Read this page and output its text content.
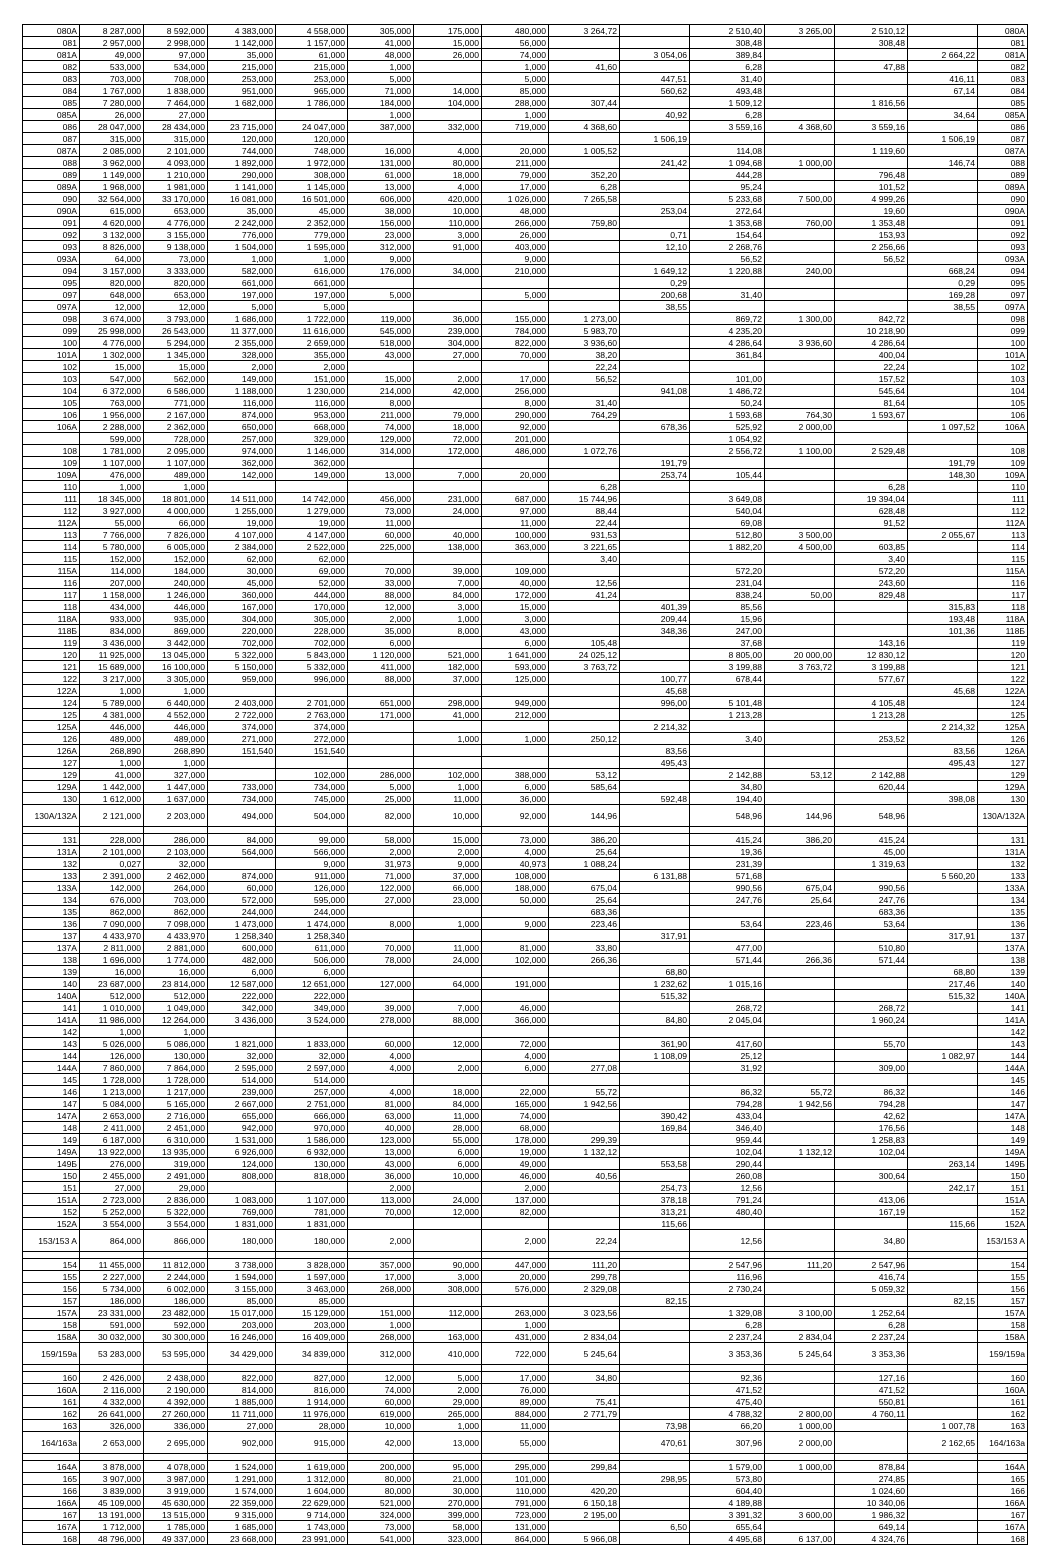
080A	8 287,000	8 592,000	4 383,000	4 558,000	305,000	175,000	480,000	3 264,72		2 510,40	3 265,00	2 510,12		080A
081	2 957,000	2 998,000	1 142,000	1 157,000	41,000	15,000	56,000			308,48		308,48		081
081A	49,000	97,000	35,000	61,000	48,000	26,000	74,000		3 054,06	389,84			2 664,22	081A
082	533,000	534,000	215,000	215,000	1,000		1,000	41,60		6,28		47,88		082
083	703,000	708,000	253,000	253,000	5,000		5,000		447,51	31,40			416,11	083
084	1 767,000	1 838,000	951,000	965,000	71,000	14,000	85,000		560,62	493,48			67,14	084
085	7 280,000	7 464,000	1 682,000	1 786,000	184,000	104,000	288,000	307,44		1 509,12		1 816,56		085
085A	26,000	27,000			1,000		1,000		40,92	6,28			34,64	085A
086	28 047,000	28 434,000	23 715,000	24 047,000	387,000	332,000	719,000	4 368,60		3 559,16	4 368,60	3 559,16		086
087	315,000	315,000	120,000	120,000					1 506,19				1 506,19	087
087A	2 085,000	2 101,000	744,000	748,000	16,000	4,000	20,000	1 005,52		114,08		1 119,60		087A
088	3 962,000	4 093,000	1 892,000	1 972,000	131,000	80,000	211,000		241,42	1 094,68	1 000,00		146,74	088
089	1 149,000	1 210,000	290,000	308,000	61,000	18,000	79,000	352,20		444,28		796,48		089
089A	1 968,000	1 981,000	1 141,000	1 145,000	13,000	4,000	17,000	6,28		95,24		101,52		089A
090	32 564,000	33 170,000	16 081,000	16 501,000	606,000	420,000	1 026,000	7 265,58		5 233,68	7 500,00	4 999,26		090
090A	615,000	653,000	35,000	45,000	38,000	10,000	48,000		253,04	272,64		19,60		090A
091	4 620,000	4 776,000	2 242,000	2 352,000	156,000	110,000	266,000	759,80		1 353,68	760,00	1 353,48		091
092	3 132,000	3 155,000	776,000	779,000	23,000	3,000	26,000		0,71	154,64		153,93		092
093	8 826,000	9 138,000	1 504,000	1 595,000	312,000	91,000	403,000		12,10	2 268,76		2 256,66		093
093A	64,000	73,000	1,000	1,000	9,000		9,000			56,52		56,52		093A
094	3 157,000	3 333,000	582,000	616,000	176,000	34,000	210,000		1 649,12	1 220,88	240,00		668,24	094
095	820,000	820,000	661,000	661,000					0,29				0,29	095
097	648,000	653,000	197,000	197,000	5,000		5,000		200,68	31,40			169,28	097
097A	12,000	12,000	5,000	5,000					38,55				38,55	097A
098	3 674,000	3 793,000	1 686,000	1 722,000	119,000	36,000	155,000	1 273,00		869,72	1 300,00	842,72		098
099	25 998,000	26 543,000	11 377,000	11 616,000	545,000	239,000	784,000	5 983,70		4 235,20		10 218,90		099
100	4 776,000	5 294,000	2 355,000	2 659,000	518,000	304,000	822,000	3 936,60		4 286,64	3 936,60	4 286,64		100
101A	1 302,000	1 345,000	328,000	355,000	43,000	27,000	70,000	38,20		361,84		400,04		101A
102	15,000	15,000	2,000	2,000				22,24				22,24		102
103	547,000	562,000	149,000	151,000	15,000	2,000	17,000	56,52		101,00		157,52		103
104	6 372,000	6 586,000	1 188,000	1 230,000	214,000	42,000	256,000		941,08	1 486,72		545,64		104
105	763,000	771,000	116,000	116,000	8,000		8,000	31,40		50,24		81,64		105
106	1 956,000	2 167,000	874,000	953,000	211,000	79,000	290,000	764,29		1 593,68	764,30	1 593,67		106
106A	2 288,000	2 362,000	650,000	668,000	74,000	18,000	92,000		678,36	525,92	2 000,00		1 097,52	106A
	599,000	728,000	257,000	329,000	129,000	72,000	201,000			1 054,92				
108	1 781,000	2 095,000	974,000	1 146,000	314,000	172,000	486,000	1 072,76		2 556,72	1 100,00	2 529,48		108
109	1 107,000	1 107,000	362,000	362,000					191,79				191,79	109
109A	476,000	489,000	142,000	149,000	13,000	7,000	20,000		253,74	105,44			148,30	109A
110	1,000	1,000						6,28				6,28		110
111	18 345,000	18 801,000	14 511,000	14 742,000	456,000	231,000	687,000	15 744,96		3 649,08		19 394,04		111
112	3 927,000	4 000,000	1 255,000	1 279,000	73,000	24,000	97,000	88,44		540,04		628,48		112
112A	55,000	66,000	19,000	19,000	11,000		11,000	22,44		69,08		91,52		112A
113	7 766,000	7 826,000	4 107,000	4 147,000	60,000	40,000	100,000	931,53		512,80	3 500,00		2 055,67	113
114	5 780,000	6 005,000	2 384,000	2 522,000	225,000	138,000	363,000	3 221,65		1 882,20	4 500,00	603,85		114
115	152,000	152,000	62,000	62,000				3,40				3,40		115
115A	114,000	184,000	30,000	69,000	70,000	39,000	109,000			572,20		572,20		115A
116	207,000	240,000	45,000	52,000	33,000	7,000	40,000	12,56		231,04		243,60		116
117	1 158,000	1 246,000	360,000	444,000	88,000	84,000	172,000	41,24		838,24	50,00	829,48		117
118	434,000	446,000	167,000	170,000	12,000	3,000	15,000		401,39	85,56			315,83	118
118A	933,000	935,000	304,000	305,000	2,000	1,000	3,000		209,44	15,96			193,48	118A
118Б	834,000	869,000	220,000	228,000	35,000	8,000	43,000		348,36	247,00			101,36	118Б
119	3 436,000	3 442,000	702,000	702,000	6,000		6,000	105,48		37,68		143,16		119
120	11 925,000	13 045,000	5 322,000	5 843,000	1 120,000	521,000	1 641,000	24 025,12		8 805,00	20 000,00	12 830,12		120
121	15 689,000	16 100,000	5 150,000	5 332,000	411,000	182,000	593,000	3 763,72		3 199,88	3 763,72	3 199,88		121
122	3 217,000	3 305,000	959,000	996,000	88,000	37,000	125,000		100,77	678,44		577,67		122
122A	1,000	1,000							45,68				45,68	122A
124	5 789,000	6 440,000	2 403,000	2 701,000	651,000	298,000	949,000		996,00	5 101,48		4 105,48		124
125	4 381,000	4 552,000	2 722,000	2 763,000	171,000	41,000	212,000			1 213,28		1 213,28		125
125A	446,000	446,000	374,000	374,000					2 214,32				2 214,32	125A
126	489,000	489,000	271,000	272,000		1,000	1,000	250,12		3,40		253,52		126
126A	268,890	268,890	151,540	151,540					83,56				83,56	126A
127	1,000	1,000							495,43				495,43	127
129	41,000	327,000		102,000	286,000	102,000	388,000	53,12		2 142,88	53,12	2 142,88		129
129A	1 442,000	1 447,000	733,000	734,000	5,000	1,000	6,000	585,64		34,80		620,44		129A
130	1 612,000	1 637,000	734,000	745,000	25,000	11,000	36,000		592,48	194,40			398,08	130
130A/132A	2 121,000	2 203,000	494,000	504,000	82,000	10,000	92,000	144,96		548,96	144,96	548,96		130A/132A

131	228,000	286,000	84,000	99,000	58,000	15,000	73,000	386,20		415,24	386,20	415,24		131
131A	2 101,000	2 103,000	564,000	566,000	2,000	2,000	4,000	25,64		19,36		45,00		131A
132	0,027	32,000		9,000	31,973	9,000	40,973	1 088,24		231,39		1 319,63		132
133	2 391,000	2 462,000	874,000	911,000	71,000	37,000	108,000		6 131,88	571,68			5 560,20	133
133A	142,000	264,000	60,000	126,000	122,000	66,000	188,000	675,04		990,56	675,04	990,56		133A
134	676,000	703,000	572,000	595,000	27,000	23,000	50,000	25,64		247,76	25,64	247,76		134
135	862,000	862,000	244,000	244,000				683,36				683,36		135
136	7 090,000	7 098,000	1 473,000	1 474,000	8,000	1,000	9,000	223,46		53,64	223,46	53,64		136
137	4 433,970	4 433,970	1 258,340	1 258,340					317,91				317,91	137
137A	2 811,000	2 881,000	600,000	611,000	70,000	11,000	81,000	33,80		477,00		510,80		137A
138	1 696,000	1 774,000	482,000	506,000	78,000	24,000	102,000	266,36		571,44	266,36	571,44		138
139	16,000	16,000	6,000	6,000					68,80				68,80	139
140	23 687,000	23 814,000	12 587,000	12 651,000	127,000	64,000	191,000		1 232,62	1 015,16			217,46	140
140A	512,000	512,000	222,000	222,000					515,32				515,32	140A
141	1 010,000	1 049,000	342,000	349,000	39,000	7,000	46,000			268,72		268,72		141
141A	11 986,000	12 264,000	3 436,000	3 524,000	278,000	88,000	366,000		84,80	2 045,04		1 960,24		141A
142	1,000	1,000												142
143	5 026,000	5 086,000	1 821,000	1 833,000	60,000	12,000	72,000		361,90	417,60		55,70		143
144	126,000	130,000	32,000	32,000	4,000		4,000		1 108,09	25,12			1 082,97	144
144A	7 860,000	7 864,000	2 595,000	2 597,000	4,000	2,000	6,000	277,08		31,92		309,00		144A
145	1 728,000	1 728,000	514,000	514,000										145
146	1 213,000	1 217,000	239,000	257,000	4,000	18,000	22,000	55,72		86,32	55,72	86,32		146
147	5 084,000	5 165,000	2 667,000	2 751,000	81,000	84,000	165,000	1 942,56		794,28	1 942,56	794,28		147
147A	2 653,000	2 716,000	655,000	666,000	63,000	11,000	74,000		390,42	433,04		42,62		147A
148	2 411,000	2 451,000	942,000	970,000	40,000	28,000	68,000		169,84	346,40		176,56		148
149	6 187,000	6 310,000	1 531,000	1 586,000	123,000	55,000	178,000	299,39		959,44		1 258,83		149
149A	13 922,000	13 935,000	6 926,000	6 932,000	13,000	6,000	19,000	1 132,12		102,04	1 132,12	102,04		149A
149Б	276,000	319,000	124,000	130,000	43,000	6,000	49,000		553,58	290,44			263,14	149Б
150	2 455,000	2 491,000	808,000	818,000	36,000	10,000	46,000	40,56		260,08		300,64		150
151	27,000	29,000			2,000		2,000		254,73	12,56			242,17	151
151A	2 723,000	2 836,000	1 083,000	1 107,000	113,000	24,000	137,000		378,18	791,24		413,06		151A
152	5 252,000	5 322,000	769,000	781,000	70,000	12,000	82,000		313,21	480,40		167,19		152
152A	3 554,000	3 554,000	1 831,000	1 831,000					115,66				115,66	152A
153/153 A	864,000	866,000	180,000	180,000	2,000		2,000	22,24		12,56		34,80		153/153 A

154	11 455,000	11 812,000	3 738,000	3 828,000	357,000	90,000	447,000	111,20		2 547,96	111,20	2 547,96		154
155	2 227,000	2 244,000	1 594,000	1 597,000	17,000	3,000	20,000	299,78		116,96		416,74		155
156	5 734,000	6 002,000	3 155,000	3 463,000	268,000	308,000	576,000	2 329,08		2 730,24		5 059,32		156
157	186,000	186,000	85,000	85,000					82,15				82,15	157
157A	23 331,000	23 482,000	15 017,000	15 129,000	151,000	112,000	263,000	3 023,56		1 329,08	3 100,00	1 252,64		157A
158	591,000	592,000	203,000	203,000	1,000		1,000			6,28		6,28		158
158A	30 032,000	30 300,000	16 246,000	16 409,000	268,000	163,000	431,000	2 834,04		2 237,24	2 834,04	2 237,24		158A
159/159a	53 283,000	53 595,000	34 429,000	34 839,000	312,000	410,000	722,000	5 245,64		3 353,36	5 245,64	3 353,36		159/159a

160	2 426,000	2 438,000	822,000	827,000	12,000	5,000	17,000	34,80		92,36		127,16		160
160A	2 116,000	2 190,000	814,000	816,000	74,000	2,000	76,000			471,52		471,52		160A
161	4 332,000	4 392,000	1 885,000	1 914,000	60,000	29,000	89,000	75,41		475,40		550,81		161
162	26 641,000	27 260,000	11 711,000	11 976,000	619,000	265,000	884,000	2 771,79		4 788,32	2 800,00	4 760,11		162
163	326,000	336,000	27,000	28,000	10,000	1,000	11,000		73,98	66,20	1 000,00		1 007,78	163
164/163a	2 653,000	2 695,000	902,000	915,000	42,000	13,000	55,000		470,61	307,96	2 000,00		2 162,65	164/163a

164A	3 878,000	4 078,000	1 524,000	1 619,000	200,000	95,000	295,000	299,84		1 579,00	1 000,00	878,84		164A
165	3 907,000	3 987,000	1 291,000	1 312,000	80,000	21,000	101,000		298,95	573,80		274,85		165
166	3 839,000	3 919,000	1 574,000	1 604,000	80,000	30,000	110,000	420,20		604,40		1 024,60		166
166A	45 109,000	45 630,000	22 359,000	22 629,000	521,000	270,000	791,000	6 150,18		4 189,88		10 340,06		166A
167	13 191,000	13 515,000	9 315,000	9 714,000	324,000	399,000	723,000	2 195,00		3 391,32	3 600,00	1 986,32		167
167A	1 712,000	1 785,000	1 685,000	1 743,000	73,000	58,000	131,000		6,50	655,64		649,14		167A
168	48 796,000	49 337,000	23 668,000	23 991,000	541,000	323,000	864,000	5 966,08		4 495,68	6 137,00	4 324,76		168
